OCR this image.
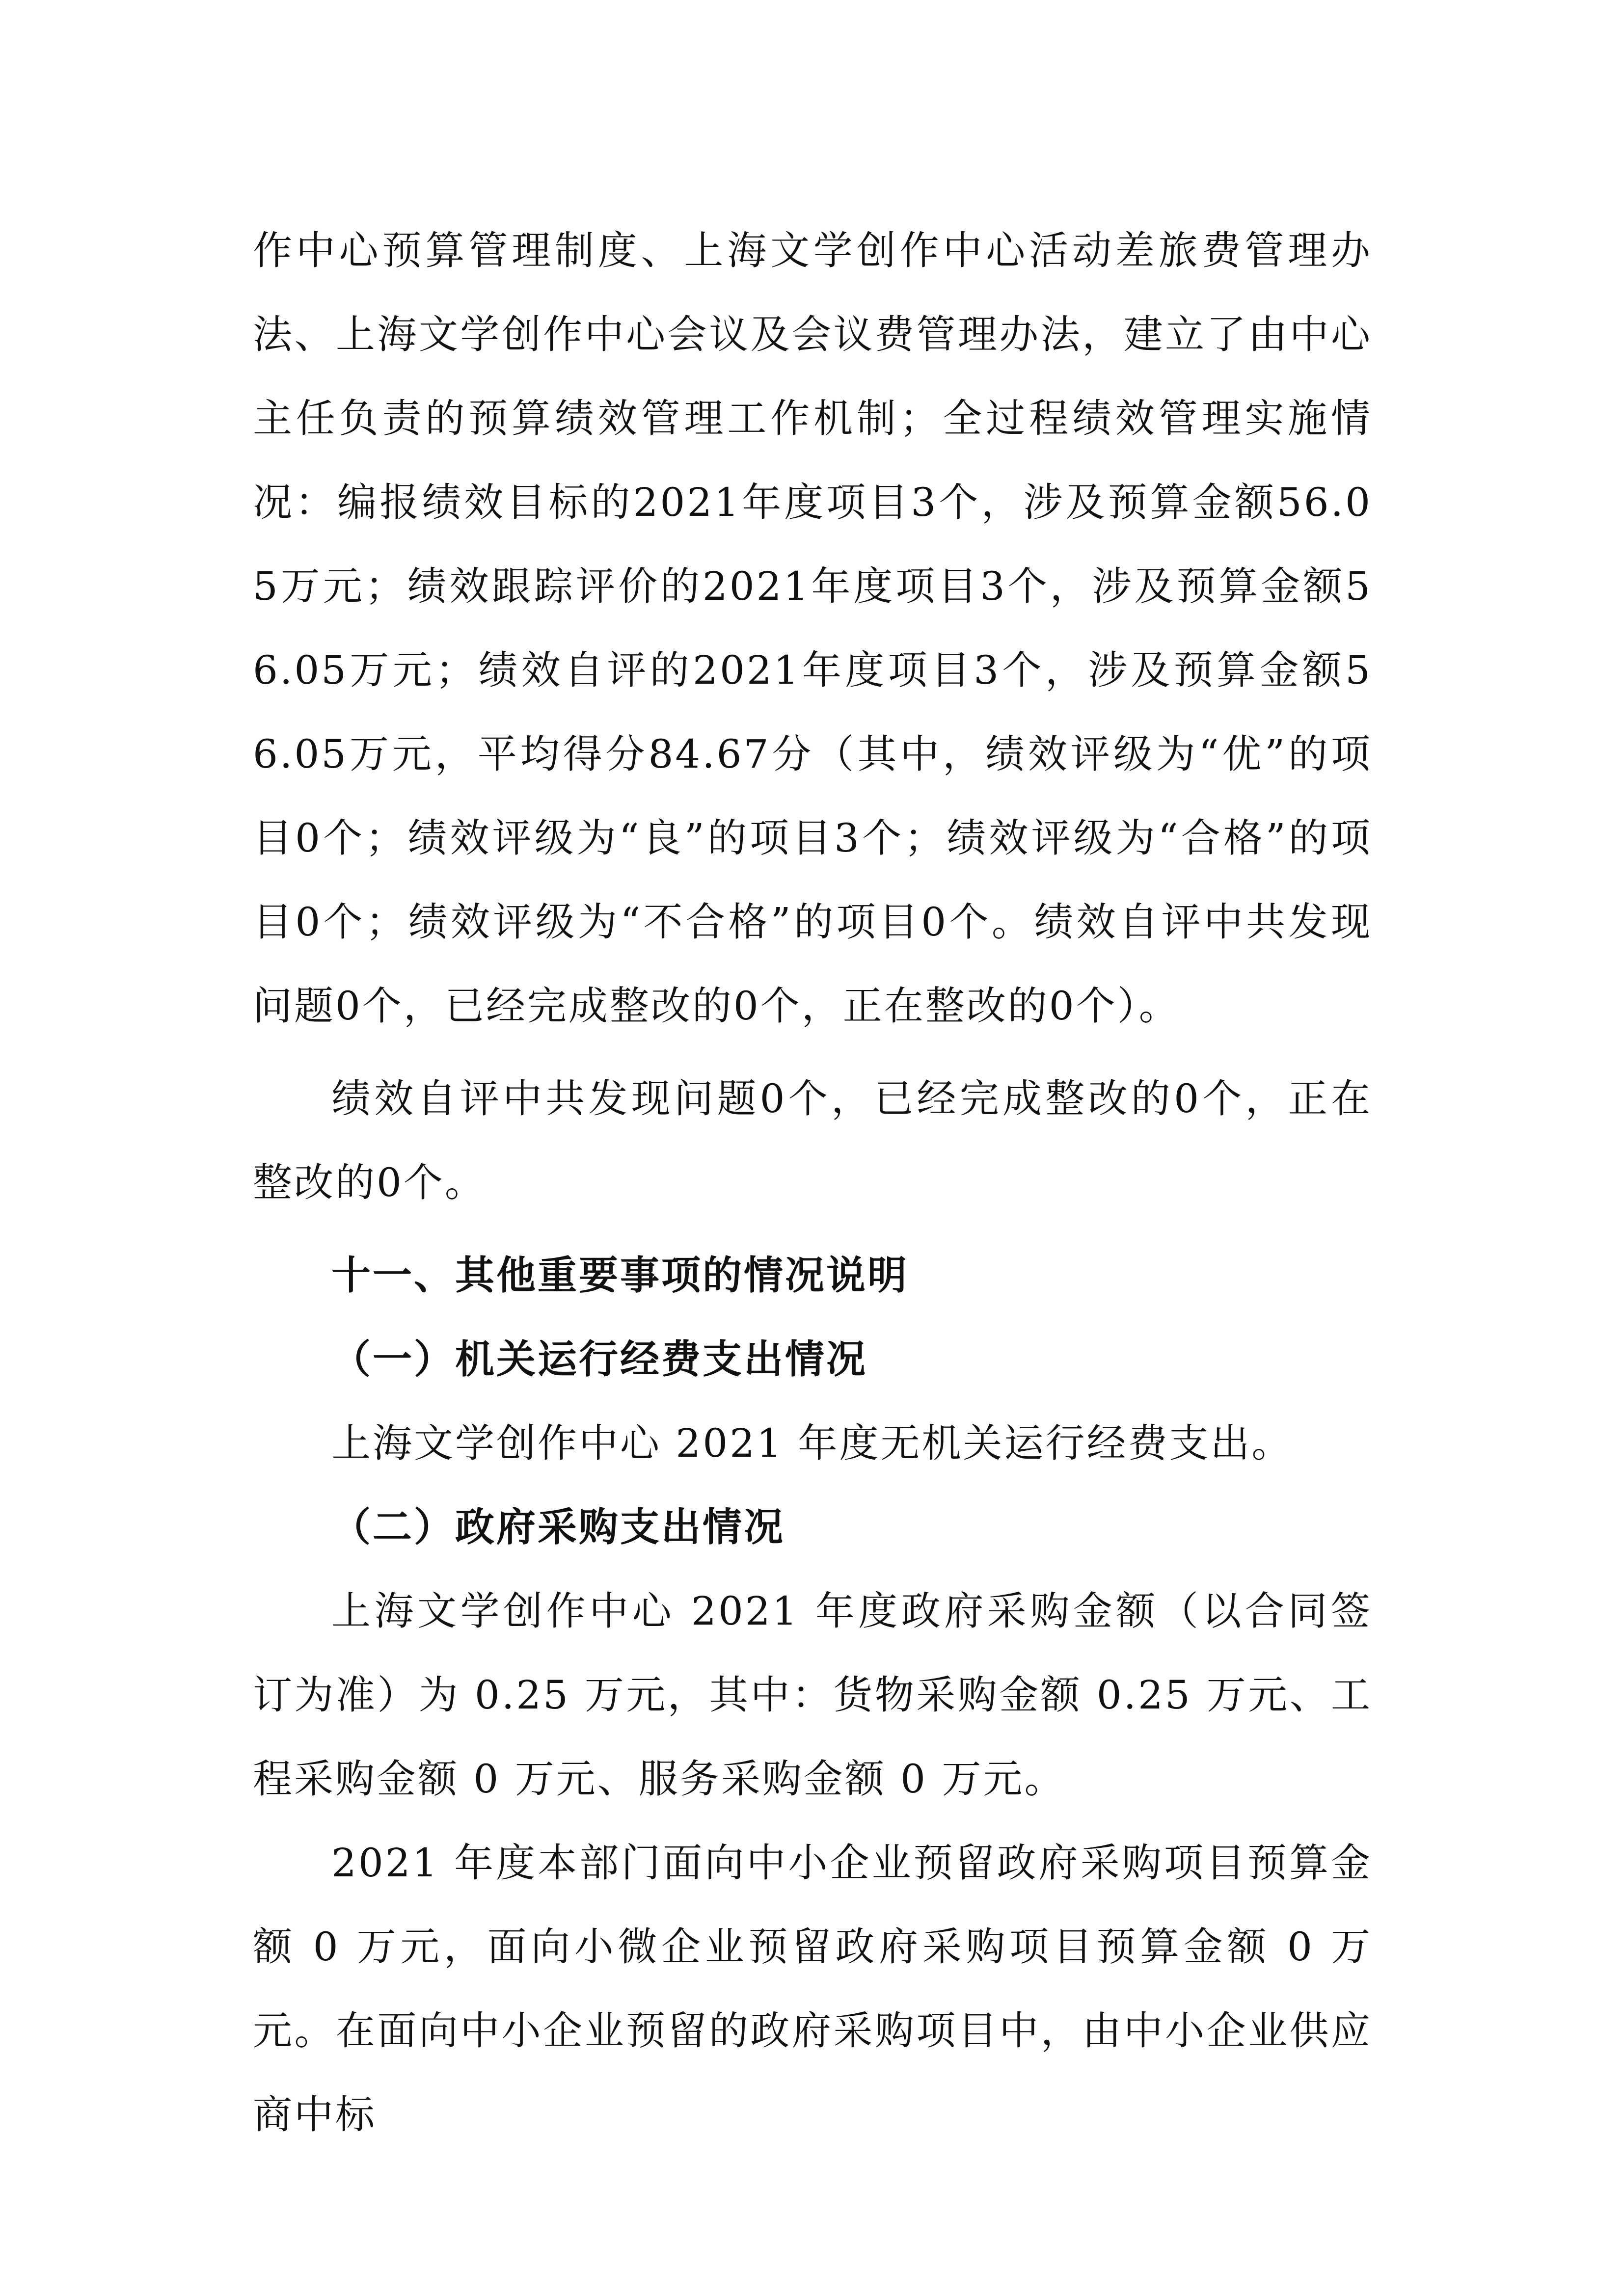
作中心预算管理制度、上海文学创作中心活动差旅费管理办法、上海文学创作中心会议及会议费管理办法，建立了由中心主任负责的预算绩效管理工作机制；全过程绩效管理实施情况：编报绩效目标的2021年度项目3个，涉及预算金额56.05万元；绩效跟踪评价的2021年度项目3个，涉及预算金额56.05万元；绩效自评的2021年度项目3个，涉及预算金额56.05万元，平均得分84.67分（其中，绩效评级为“优”的项目0个；绩效评级为“良”的项目3个；绩效评级为“合格”的项目0个；绩效评级为“不合格”的项目0个。绩效自评中共发现问题0个，已经完成整改的0个，正在整改的0个）。

绩效自评中共发现问题0个，已经完成整改的0个，正在整改的0个。

十一、其他重要事项的情况说明

（一）机关运行经费支出情况

上海文学创作中心 2021 年度无机关运行经费支出。

（二）政府采购支出情况

上海文学创作中心 2021 年度政府采购金额（以合同签订为准）为 0.25 万元，其中：货物采购金额 0.25 万元、工程采购金额 0 万元、服务采购金额 0 万元。

2021 年度本部门面向中小企业预留政府采购项目预算金额 0 万元，面向小微企业预留政府采购项目预算金额 0 万元。在面向中小企业预留的政府采购项目中，由中小企业供应商中标
